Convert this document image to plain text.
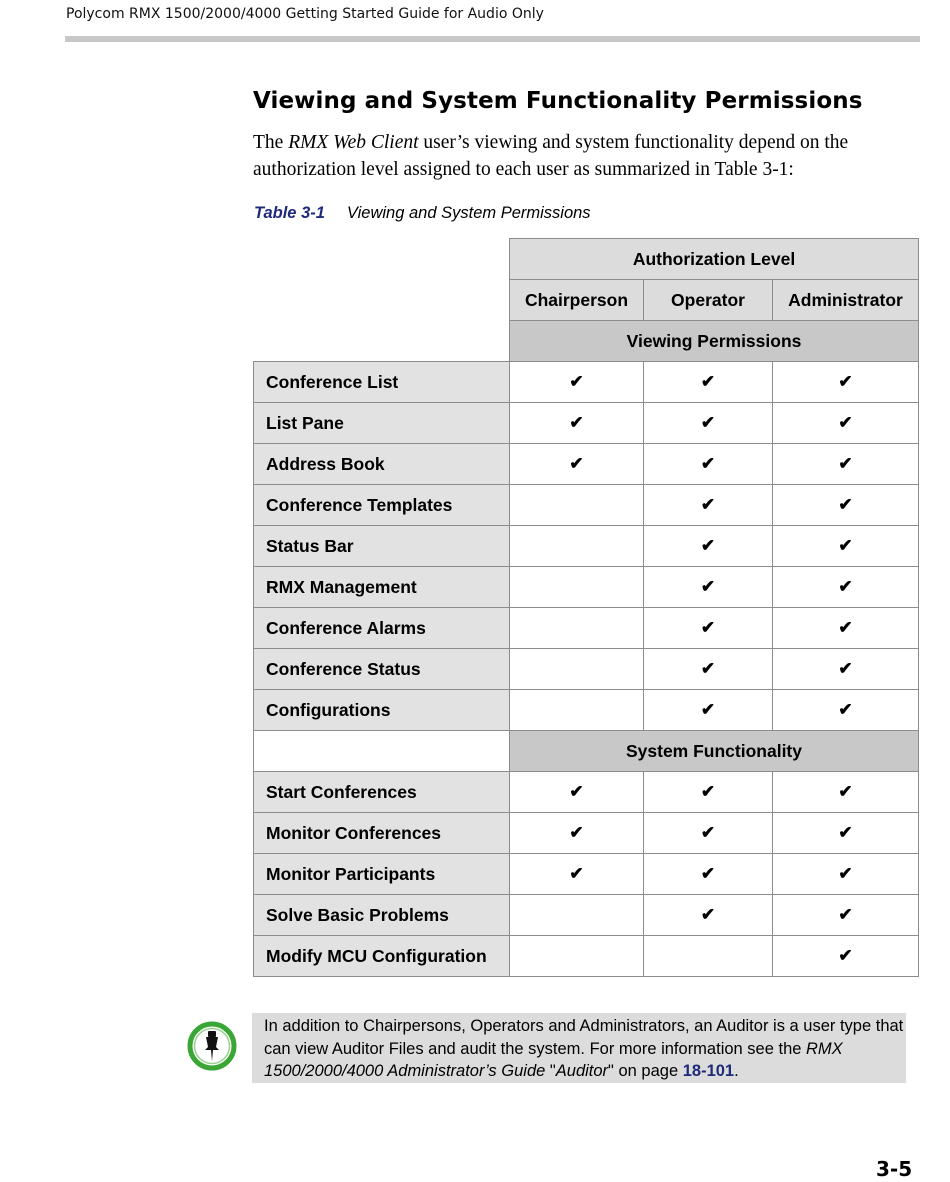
Polycom RMX 1500/2000/4000 Getting Started Guide for Audio Only
Viewing and System Functionality Permissions

The RMX Web Client user’s viewing and system functionality depend on the authorization level assigned to each user as summarized in Table 3-1:

Table 3-1 Viewing and System Permissions
	Authorization Level		
	Chairperson	Operator	Administrator
	Viewing Permissions		
Conference List	✔	✔	✔
List Pane	✔	✔	✔
Address Book	✔	✔	✔
Conference Templates		✔	✔
Status Bar		✔	✔
RMX Management		✔	✔
Conference Alarms		✔	✔
Conference Status		✔	✔
Configurations		✔	✔
	System Functionality		
Start Conferences	✔	✔	✔
Monitor Conferences	✔	✔	✔
Monitor Participants	✔	✔	✔
Solve Basic Problems		✔	✔
Modify MCU Configuration			✔
In addition to Chairpersons, Operators and Administrators, an Auditor is a user type that can view Auditor Files and audit the system. For more information see the RMX 1500/2000/4000 Administrator’s Guide "Auditor" on page 18-101.
3-5
